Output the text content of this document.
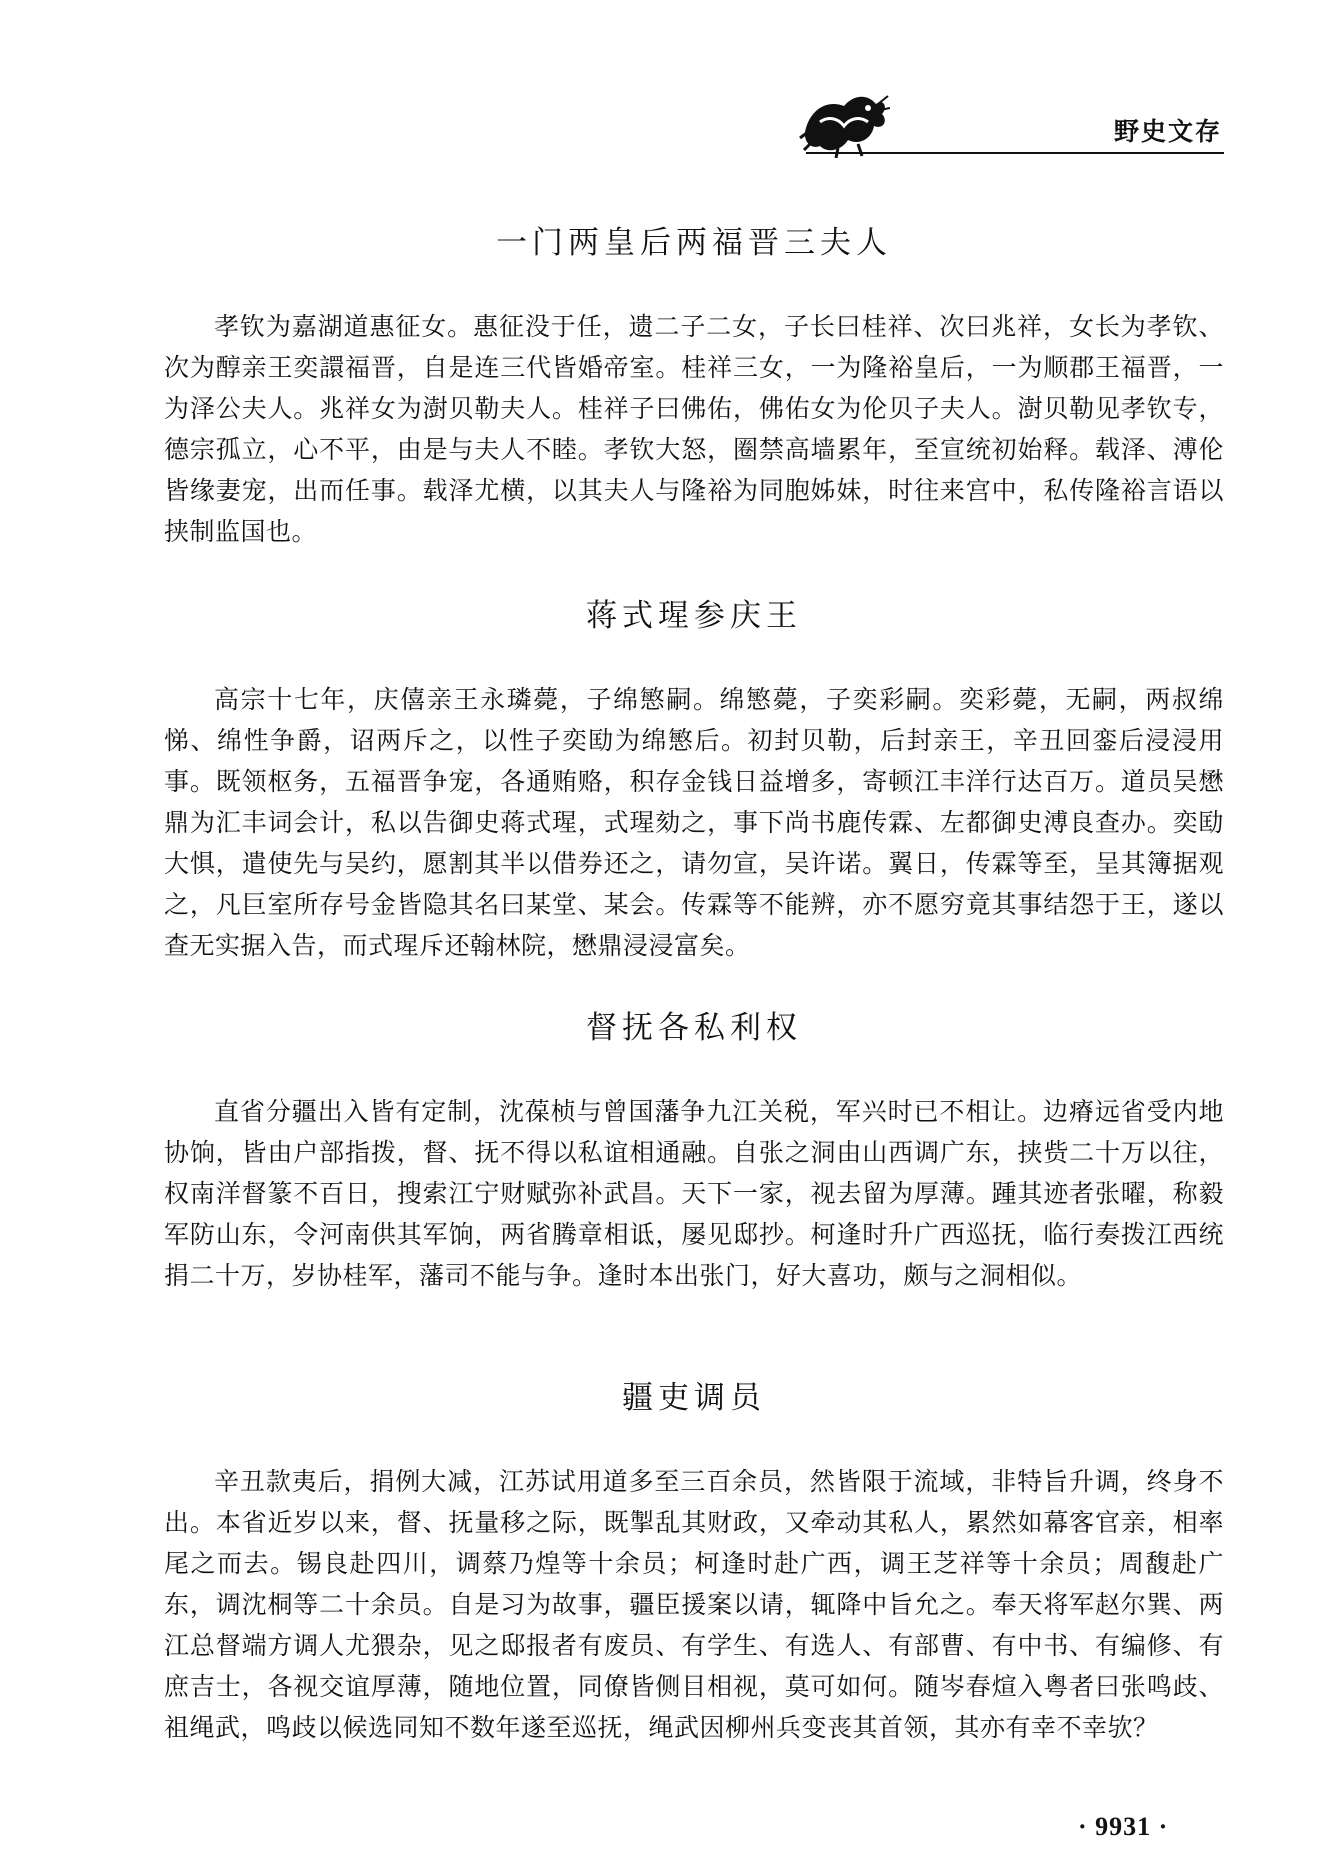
野史文存
一门两皇后两福晋三夫人

孝钦为嘉湖道惠征女。惠征没于任，遗二子二女，子长曰桂祥、次曰兆祥，女长为孝钦、次为醇亲王奕譞福晋，自是连三代皆婚帝室。桂祥三女，一为隆裕皇后，一为顺郡王福晋，一为泽公夫人。兆祥女为澍贝勒夫人。桂祥子曰佛佑，佛佑女为伦贝子夫人。澍贝勒见孝钦专，德宗孤立，心不平，由是与夫人不睦。孝钦大怒，圈禁高墙累年，至宣统初始释。载泽、溥伦皆缘妻宠，出而任事。载泽尤横，以其夫人与隆裕为同胞姊妹，时往来宫中，私传隆裕言语以挟制监国也。

蒋式瑆参庆王

高宗十七年，庆僖亲王永璘薨，子绵慜嗣。绵慜薨，子奕彩嗣。奕彩薨，无嗣，两叔绵悌、绵性争爵，诏两斥之，以性子奕劻为绵慜后。初封贝勒，后封亲王，辛丑回銮后浸浸用事。既领枢务，五福晋争宠，各通贿赂，积存金钱日益增多，寄顿江丰洋行达百万。道员吴懋鼎为汇丰词会计，私以告御史蒋式瑆，式瑆劾之，事下尚书鹿传霖、左都御史溥良查办。奕劻大惧，遣使先与吴约，愿割其半以借券还之，请勿宣，吴许诺。翼日，传霖等至，呈其簿据观之，凡巨室所存号金皆隐其名曰某堂、某会。传霖等不能辨，亦不愿穷竟其事结怨于王，遂以查无实据入告，而式瑆斥还翰林院，懋鼎浸浸富矣。

督抚各私利权

直省分疆出入皆有定制，沈葆桢与曾国藩争九江关税，军兴时已不相让。边瘠远省受内地协饷，皆由户部指拨，督、抚不得以私谊相通融。自张之洞由山西调广东，挟赀二十万以往，权南洋督篆不百日，搜索江宁财赋弥补武昌。天下一家，视去留为厚薄。踵其迹者张曜，称毅军防山东，令河南供其军饷，两省腾章相诋，屡见邸抄。柯逢时升广西巡抚，临行奏拨江西统捐二十万，岁协桂军，藩司不能与争。逢时本出张门，好大喜功，颇与之洞相似。

疆吏调员

辛丑款夷后，捐例大减，江苏试用道多至三百余员，然皆限于流域，非特旨升调，终身不出。本省近岁以来，督、抚量移之际，既掣乱其财政，又牵动其私人，累然如幕客官亲，相率尾之而去。锡良赴四川，调蔡乃煌等十余员；柯逢时赴广西，调王芝祥等十余员；周馥赴广东，调沈桐等二十余员。自是习为故事，疆臣援案以请，辄降中旨允之。奉天将军赵尔巽、两江总督端方调人尤猥杂，见之邸报者有废员、有学生、有选人、有部曹、有中书、有编修、有庶吉士，各视交谊厚薄，随地位置，同僚皆侧目相视，莫可如何。随岑春煊入粤者曰张鸣歧、祖绳武，鸣歧以候选同知不数年遂至巡抚，绳武因柳州兵变丧其首领，其亦有幸不幸欤？

· 9931 ·
